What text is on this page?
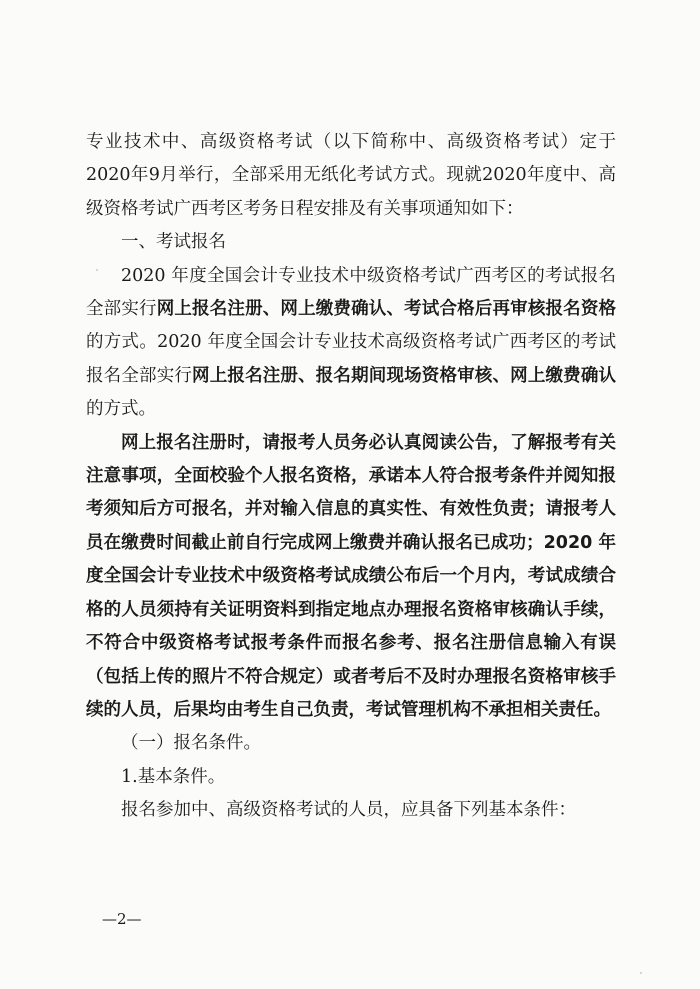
专业技术中、高级资格考试（以下简称中、高级资格考试）定于2020年9月举行，全部采用无纸化考试方式。现就2020年度中、高级资格考试广西考区考务日程安排及有关事项通知如下：

一、考试报名

2020 年度全国会计专业技术中级资格考试广西考区的考试报名全部实行网上报名注册、网上缴费确认、考试合格后再审核报名资格的方式。2020 年度全国会计专业技术高级资格考试广西考区的考试报名全部实行网上报名注册、报名期间现场资格审核、网上缴费确认的方式。

网上报名注册时，请报考人员务必认真阅读公告，了解报考有关注意事项，全面校验个人报名资格，承诺本人符合报考条件并阅知报考须知后方可报名，并对输入信息的真实性、有效性负责；请报考人员在缴费时间截止前自行完成网上缴费并确认报名已成功；2020 年度全国会计专业技术中级资格考试成绩公布后一个月内，考试成绩合格的人员须持有关证明资料到指定地点办理报名资格审核确认手续，不符合中级资格考试报考条件而报名参考、报名注册信息输入有误（包括上传的照片不符合规定）或者考后不及时办理报名资格审核手续的人员，后果均由考生自己负责，考试管理机构不承担相关责任。

（一）报名条件。

1.基本条件。

报名参加中、高级资格考试的人员，应具备下列基本条件：

—2—
